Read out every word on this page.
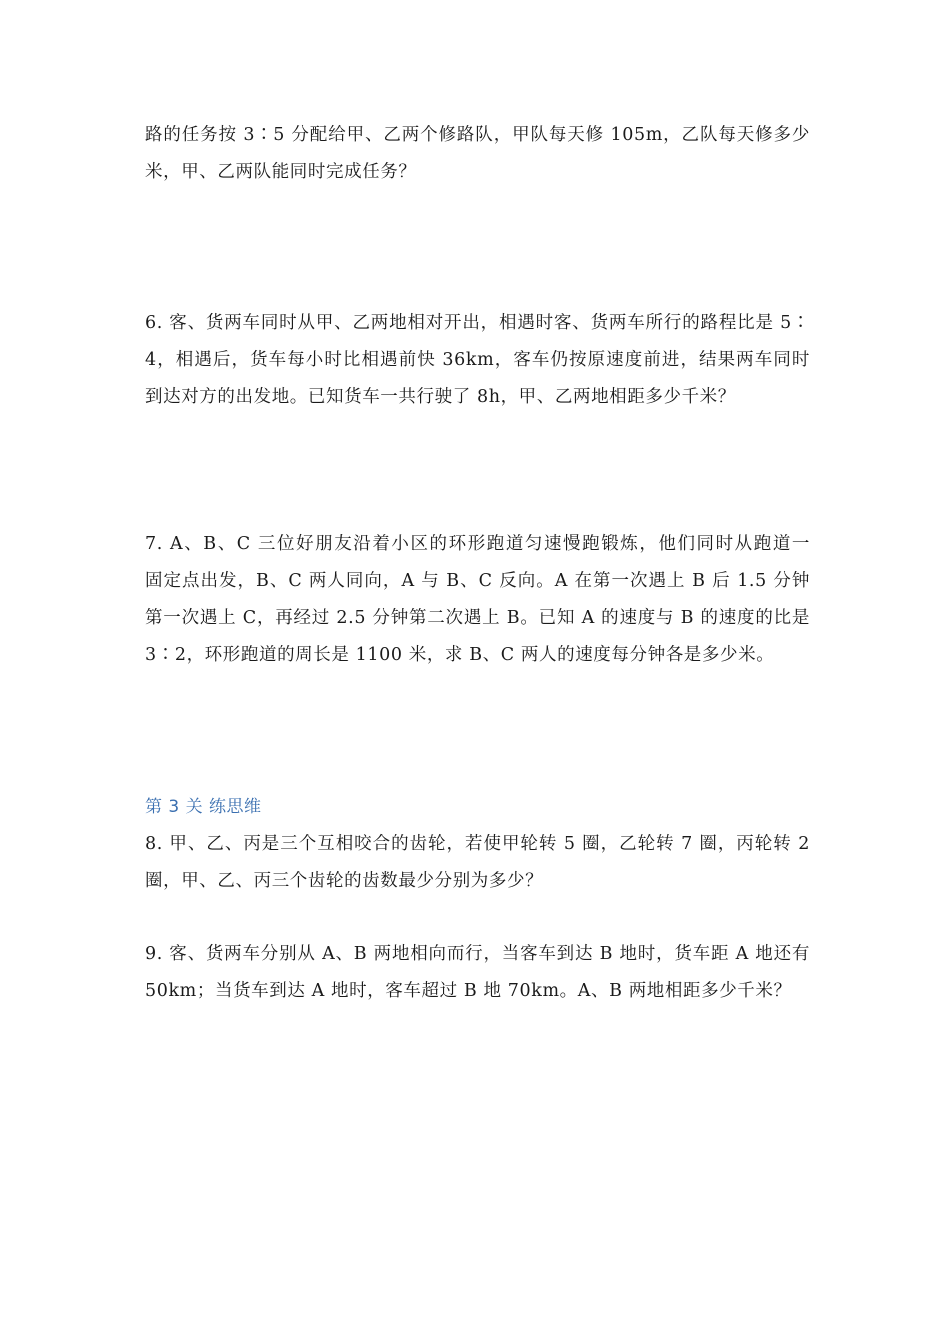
路的任务按 3∶5 分配给甲、乙两个修路队，甲队每天修 105m，乙队每天修多少
米，甲、乙两队能同时完成任务？
6. 客、货两车同时从甲、乙两地相对开出，相遇时客、货两车所行的路程比是 5∶
4，相遇后，货车每小时比相遇前快 36km，客车仍按原速度前进，结果两车同时
到达对方的出发地。已知货车一共行驶了 8h，甲、乙两地相距多少千米？
7. A、B、C 三位好朋友沿着小区的环形跑道匀速慢跑锻炼，他们同时从跑道一
固定点出发，B、C 两人同向，A 与 B、C 反向。A 在第一次遇上 B 后 1.5 分钟
第一次遇上 C，再经过 2.5 分钟第二次遇上 B。已知 A 的速度与 B 的速度的比是
3∶2，环形跑道的周长是 1100 米，求 B、C 两人的速度每分钟各是多少米。
第 3 关 练思维
8. 甲、乙、丙是三个互相咬合的齿轮，若使甲轮转 5 圈，乙轮转 7 圈，丙轮转 2
圈，甲、乙、丙三个齿轮的齿数最少分别为多少？
9. 客、货两车分别从 A、B 两地相向而行，当客车到达 B 地时，货车距 A 地还有
50km；当货车到达 A 地时，客车超过 B 地 70km。A、B 两地相距多少千米？
